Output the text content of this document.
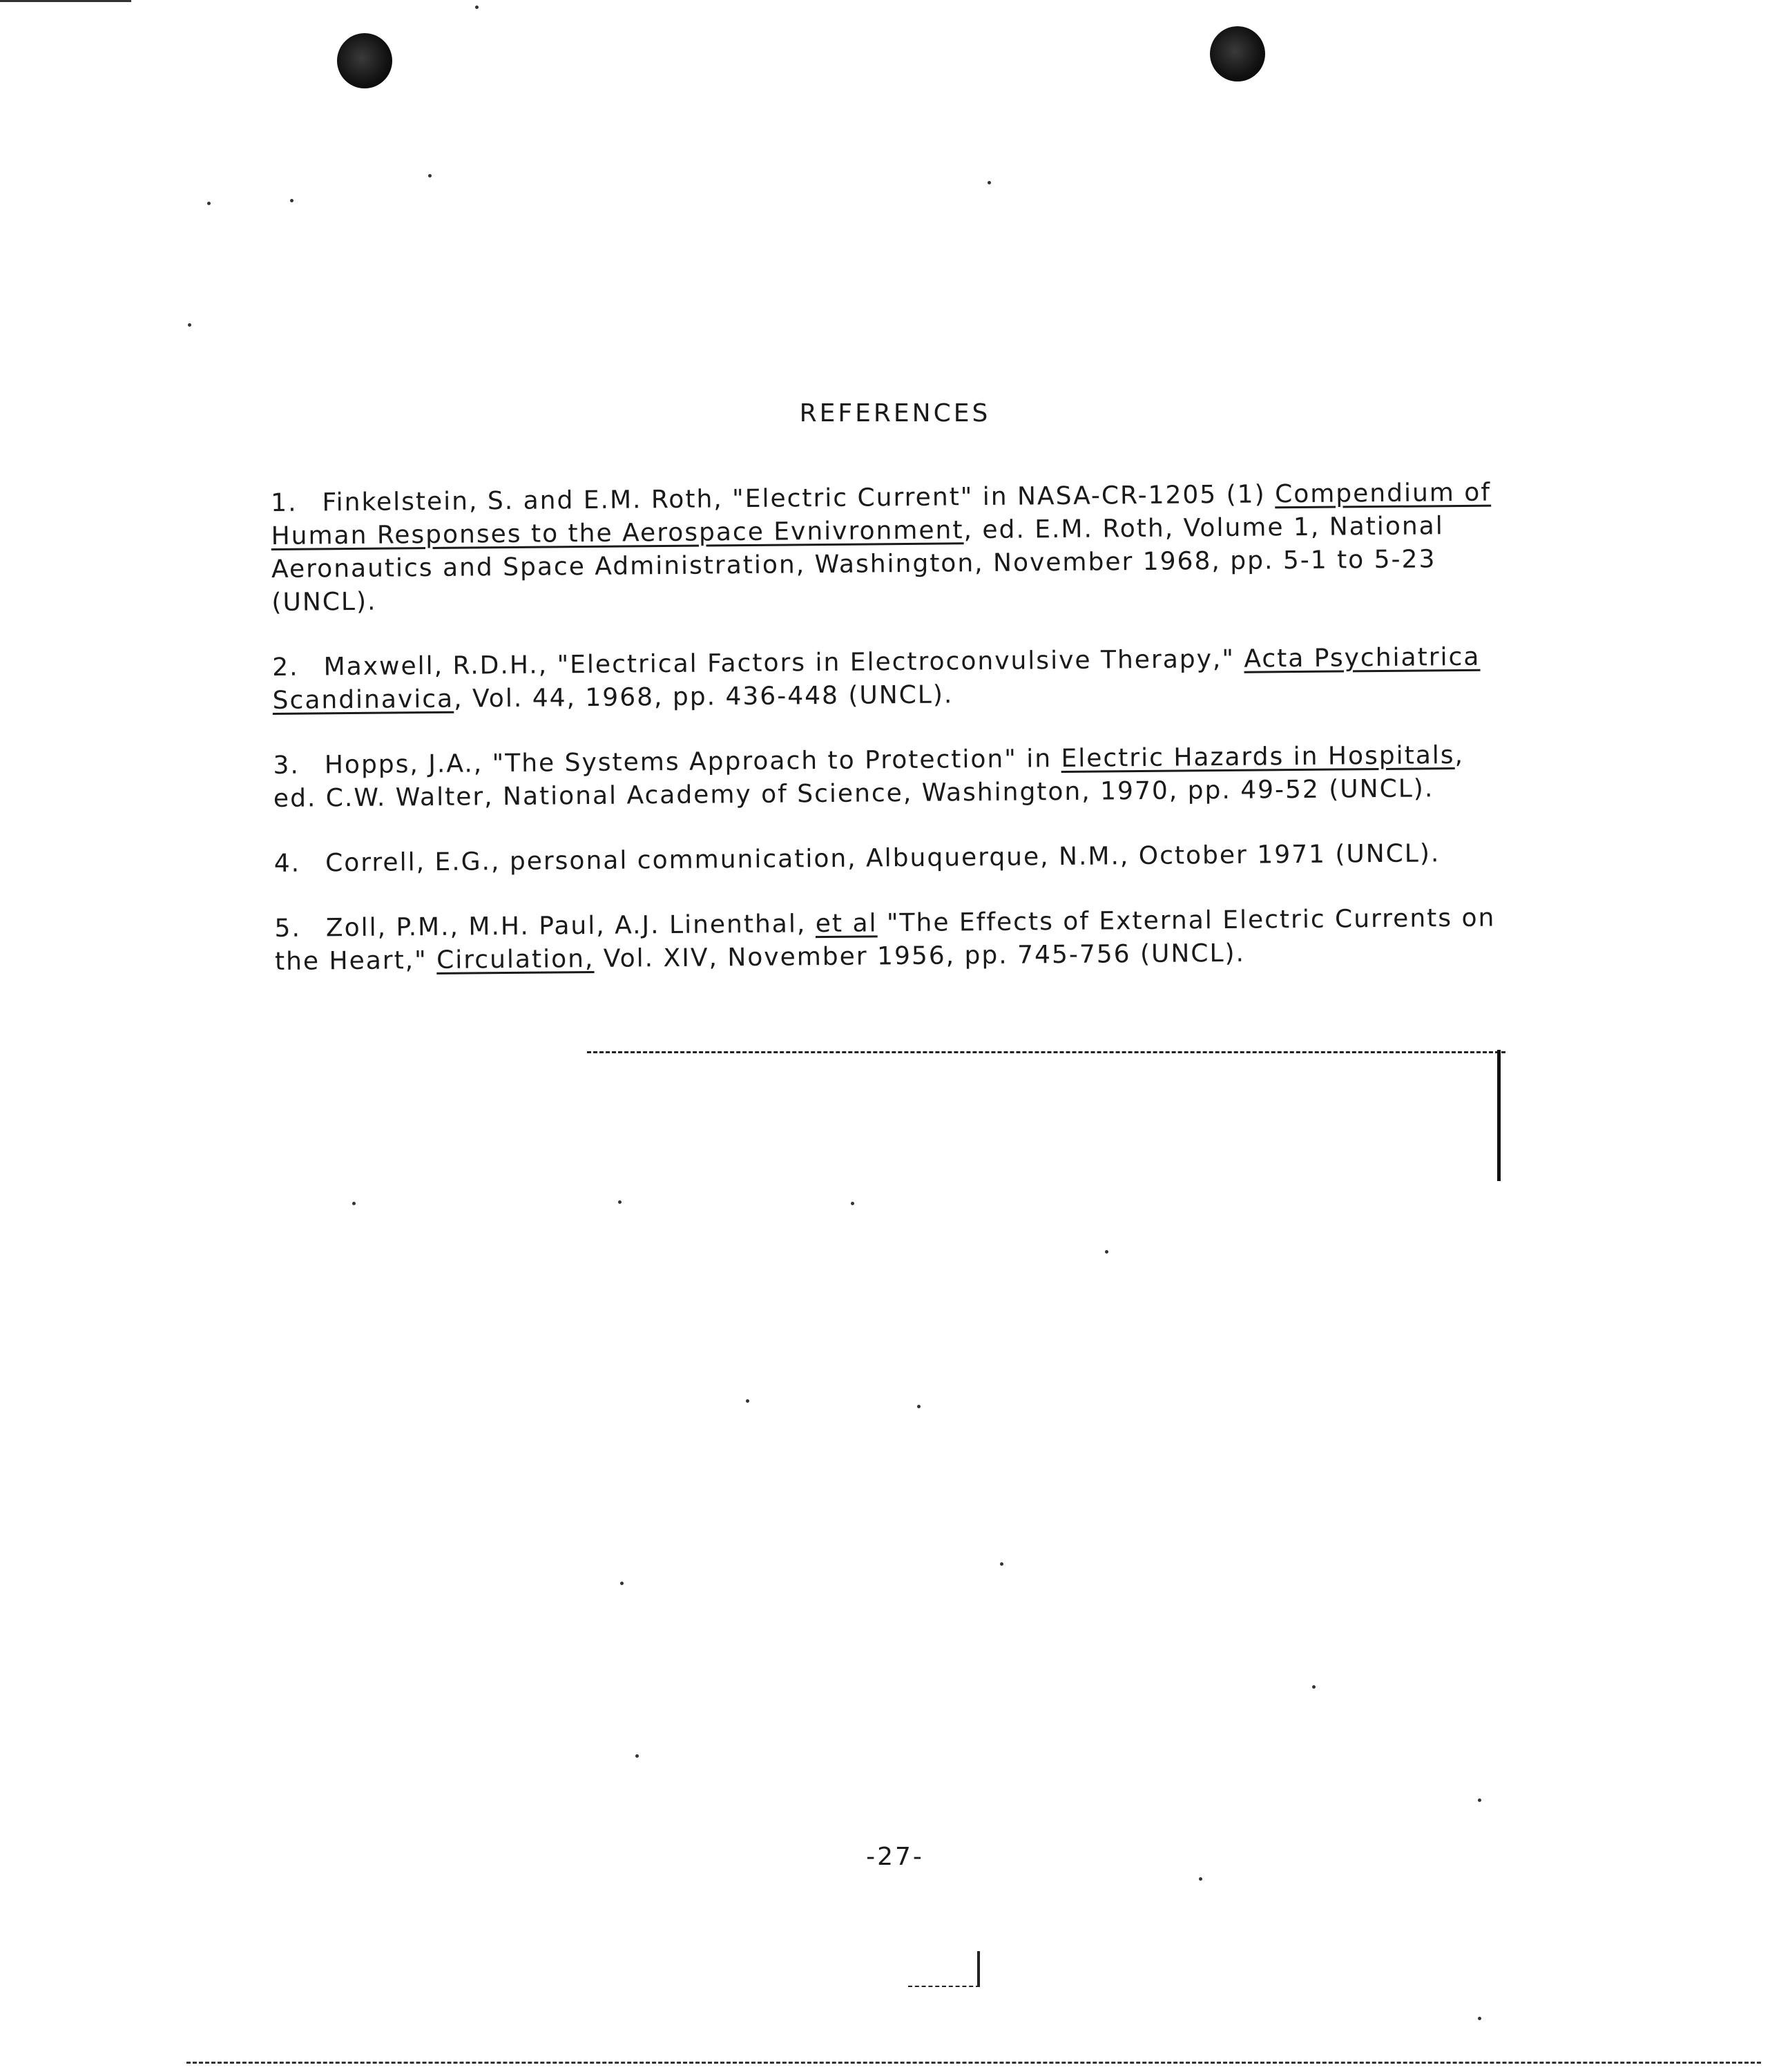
REFERENCES
1. Finkelstein, S. and E.M. Roth, "Electric Current" in NASA-CR-1205 (1) Compendium of Human Responses to the Aerospace Evnivronment, ed. E.M. Roth, Volume 1, National Aeronautics and Space Administration, Washington, November 1968, pp. 5-1 to 5-23 (UNCL).
2. Maxwell, R.D.H., "Electrical Factors in Electroconvulsive Therapy," Acta Psychiatrica Scandinavica, Vol. 44, 1968, pp. 436-448 (UNCL).
3. Hopps, J.A., "The Systems Approach to Protection" in Electric Hazards in Hospitals, ed. C.W. Walter, National Academy of Science, Washington, 1970, pp. 49-52 (UNCL).
4. Correll, E.G., personal communication, Albuquerque, N.M., October 1971 (UNCL).
5. Zoll, P.M., M.H. Paul, A.J. Linenthal, et al "The Effects of External Electric Currents on the Heart," Circulation, Vol. XIV, November 1956, pp. 745-756 (UNCL).
-27-
